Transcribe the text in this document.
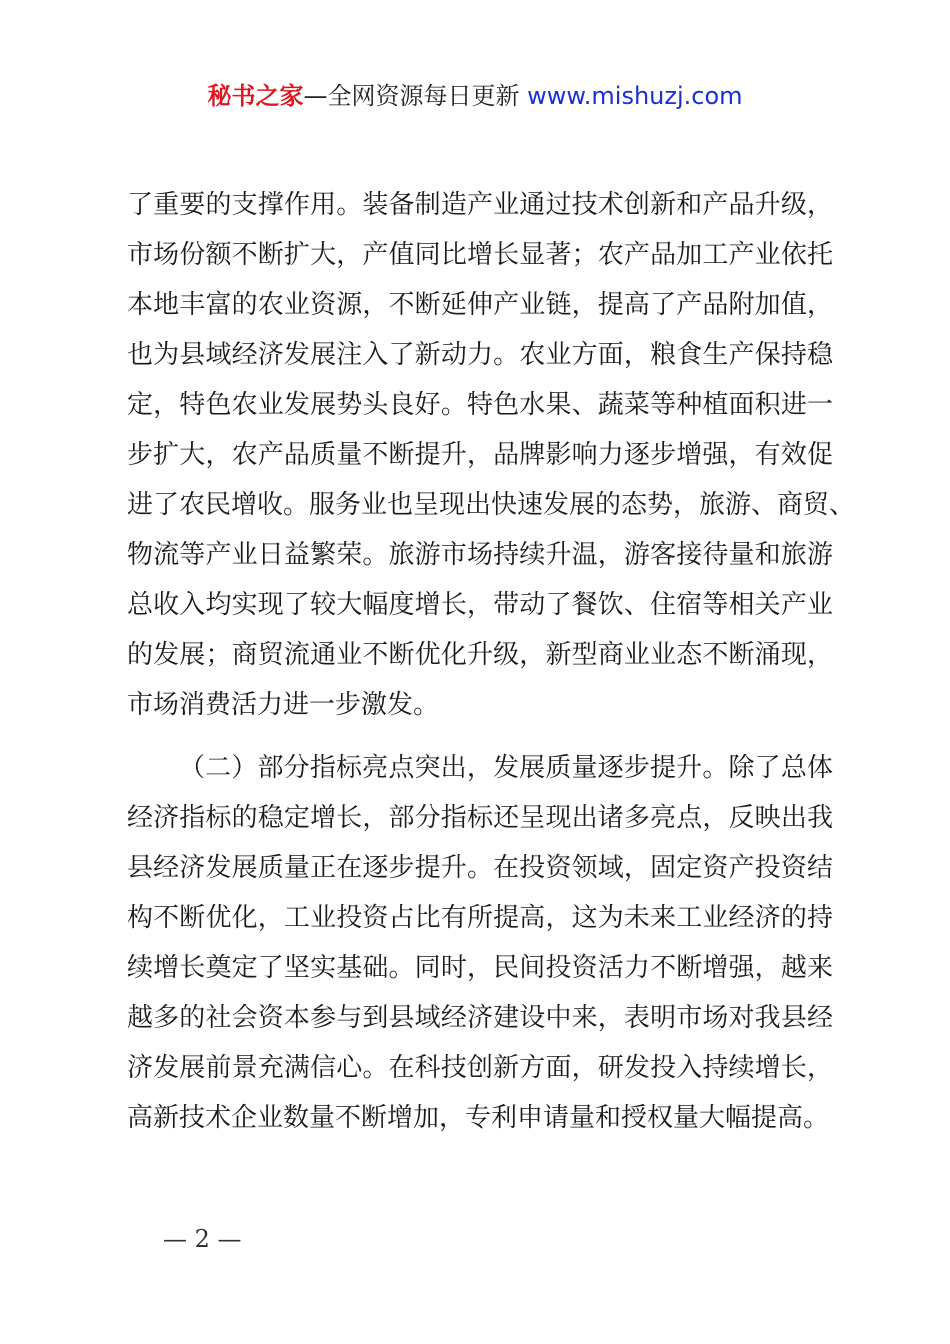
秘书之家—全网资源每日更新 www.mishuzj.com
了重要的支撑作用。装备制造产业通过技术创新和产品升级，
市场份额不断扩大，产值同比增长显著；农产品加工产业依托
本地丰富的农业资源，不断延伸产业链，提高了产品附加值，
也为县域经济发展注入了新动力。农业方面，粮食生产保持稳
定，特色农业发展势头良好。特色水果、蔬菜等种植面积进一
步扩大，农产品质量不断提升，品牌影响力逐步增强，有效促
进了农民增收。服务业也呈现出快速发展的态势，旅游、商贸、
物流等产业日益繁荣。旅游市场持续升温，游客接待量和旅游
总收入均实现了较大幅度增长，带动了餐饮、住宿等相关产业
的发展；商贸流通业不断优化升级，新型商业业态不断涌现，
市场消费活力进一步激发。
（二）部分指标亮点突出，发展质量逐步提升。除了总体
经济指标的稳定增长，部分指标还呈现出诸多亮点，反映出我
县经济发展质量正在逐步提升。在投资领域，固定资产投资结
构不断优化，工业投资占比有所提高，这为未来工业经济的持
续增长奠定了坚实基础。同时，民间投资活力不断增强，越来
越多的社会资本参与到县域经济建设中来，表明市场对我县经
济发展前景充满信心。在科技创新方面，研发投入持续增长，
高新技术企业数量不断增加，专利申请量和授权量大幅提高。
— 2 —
